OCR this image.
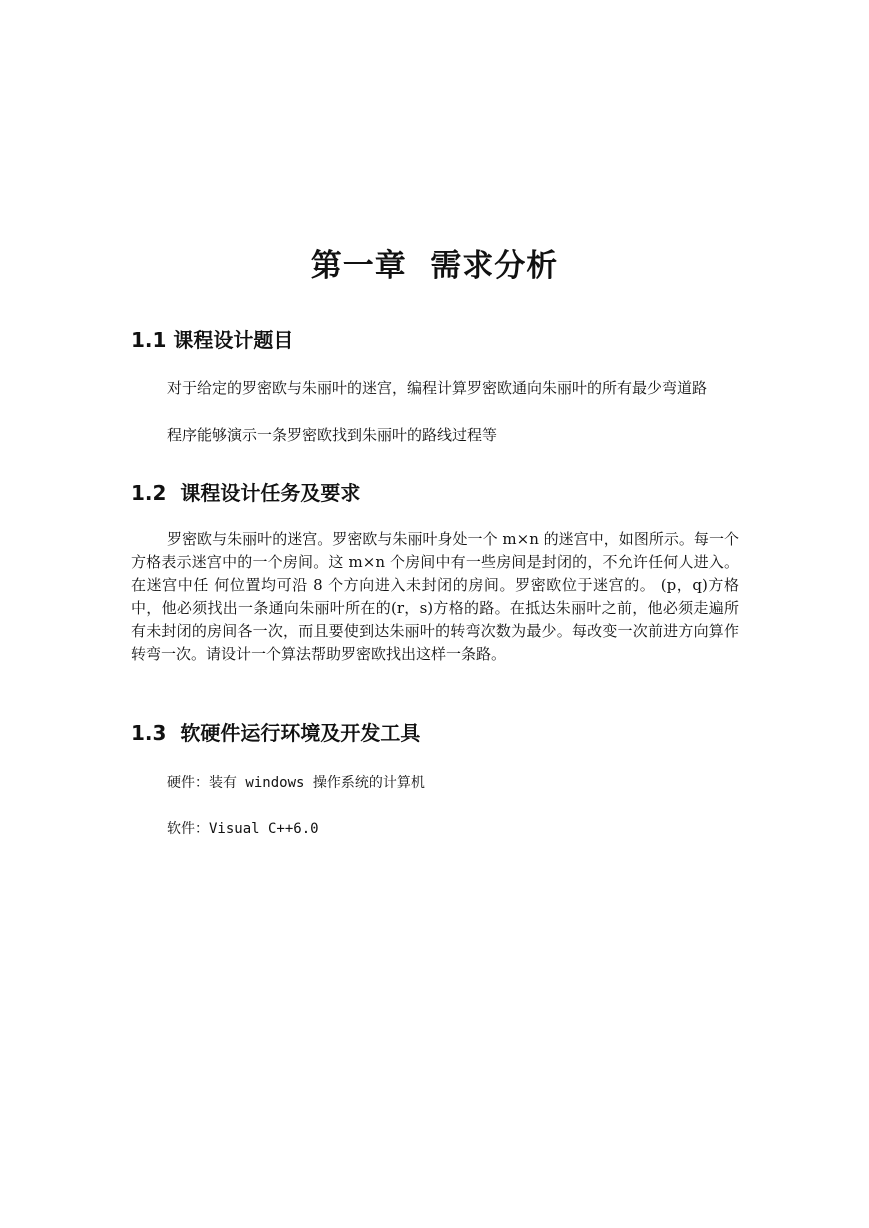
第一章  需求分析
1.1 课程设计题目

对于给定的罗密欧与朱丽叶的迷宫，编程计算罗密欧通向朱丽叶的所有最少弯道路

程序能够演示一条罗密欧找到朱丽叶的路线过程等

1.2  课程设计任务及要求

罗密欧与朱丽叶的迷宫。罗密欧与朱丽叶身处一个 m×n 的迷宫中，如图所示。每一个方格表示迷宫中的一个房间。这 m×n 个房间中有一些房间是封闭的，不允许任何人进入。在迷宫中任 何位置均可沿 8 个方向进入未封闭的房间。罗密欧位于迷宫的。 (p，q)方格中，他必须找出一条通向朱丽叶所在的(r，s)方格的路。在抵达朱丽叶之前，他必须走遍所有未封闭的房间各一次，而且要使到达朱丽叶的转弯次数为最少。每改变一次前进方向算作转弯一次。请设计一个算法帮助罗密欧找出这样一条路。

1.3  软硬件运行环境及开发工具

硬件：装有 windows 操作系统的计算机

软件：Visual C++6.0
